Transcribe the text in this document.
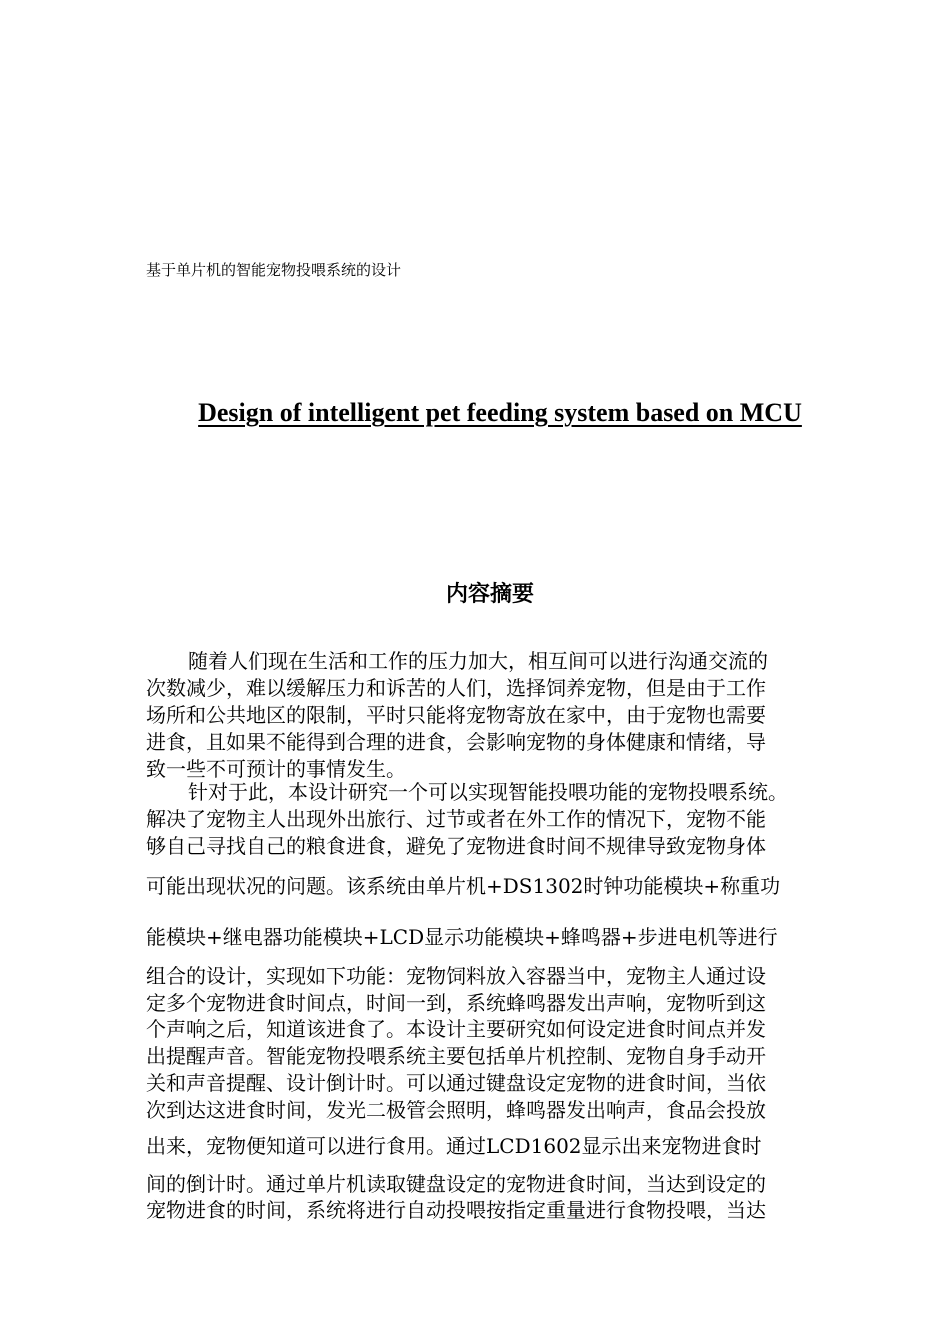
基于单片机的智能宠物投喂系统的设计
Design of intelligent pet feeding system based on MCU
内容摘要
随着人们现在生活和工作的压力加大，相互间可以进行沟通交流的
次数减少，难以缓解压力和诉苦的人们，选择饲养宠物，但是由于工作
场所和公共地区的限制，平时只能将宠物寄放在家中，由于宠物也需要
进食，且如果不能得到合理的进食，会影响宠物的身体健康和情绪，导
致一些不可预计的事情发生。
针对于此，本设计研究一个可以实现智能投喂功能的宠物投喂系统。
解决了宠物主人出现外出旅行、过节或者在外工作的情况下，宠物不能
够自己寻找自己的粮食进食，避免了宠物进食时间不规律导致宠物身体
可能出现状况的问题。该系统由单片机+DS1302时钟功能模块+称重功
能模块+继电器功能模块+LCD显示功能模块+蜂鸣器+步进电机等进行
组合的设计，实现如下功能：宠物饲料放入容器当中，宠物主人通过设
定多个宠物进食时间点，时间一到，系统蜂鸣器发出声响，宠物听到这
个声响之后，知道该进食了。本设计主要研究如何设定进食时间点并发
出提醒声音。智能宠物投喂系统主要包括单片机控制、宠物自身手动开
关和声音提醒、设计倒计时。可以通过键盘设定宠物的进食时间，当依
次到达这进食时间，发光二极管会照明，蜂鸣器发出响声，食品会投放
出来，宠物便知道可以进行食用。通过LCD1602显示出来宠物进食时
间的倒计时。通过单片机读取键盘设定的宠物进食时间，当达到设定的
宠物进食的时间，系统将进行自动投喂按指定重量进行食物投喂，当达
